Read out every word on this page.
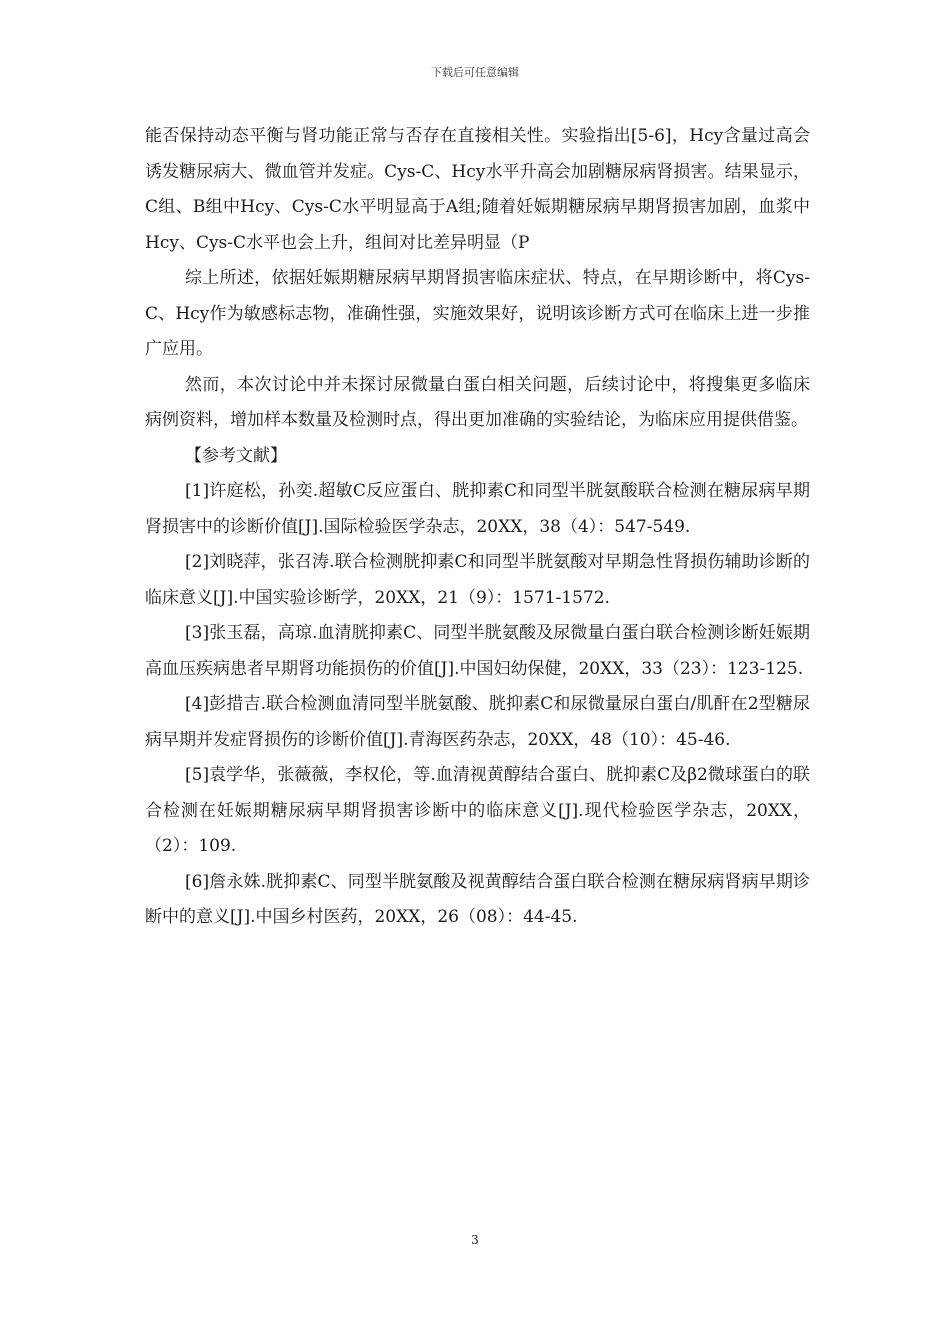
下载后可任意编辑

能否保持动态平衡与肾功能正常与否存在直接相关性。实验指出[5-6]，Hcy含量过高会诱发糖尿病大、微血管并发症。Cys-C、Hcy水平升高会加剧糖尿病肾损害。结果显示，C组、B组中Hcy、Cys-C水平明显高于A组;随着妊娠期糖尿病早期肾损害加剧，血浆中Hcy、Cys-C水平也会上升，组间对比差异明显（P

综上所述，依据妊娠期糖尿病早期肾损害临床症状、特点，在早期诊断中，将Cys-C、Hcy作为敏感标志物，准确性强，实施效果好，说明该诊断方式可在临床上进一步推广应用。

然而，本次讨论中并未探讨尿微量白蛋白相关问题，后续讨论中，将搜集更多临床病例资料，增加样本数量及检测时点，得出更加准确的实验结论，为临床应用提供借鉴。

【参考文献】

[1]许庭松，孙奕.超敏C反应蛋白、胱抑素C和同型半胱氨酸联合检测在糖尿病早期肾损害中的诊断价值[J].国际检验医学杂志，20XX，38（4）：547-549.

[2]刘晓萍，张召涛.联合检测胱抑素C和同型半胱氨酸对早期急性肾损伤辅助诊断的临床意义[J].中国实验诊断学，20XX，21（9）：1571-1572.

[3]张玉磊，高琼.血清胱抑素C、同型半胱氨酸及尿微量白蛋白联合检测诊断妊娠期高血压疾病患者早期肾功能损伤的价值[J].中国妇幼保健，20XX，33（23）：123-125.

[4]彭措吉.联合检测血清同型半胱氨酸、胱抑素C和尿微量尿白蛋白/肌酐在2型糖尿病早期并发症肾损伤的诊断价值[J].青海医药杂志，20XX，48（10）：45-46.

[5]袁学华，张薇薇，李权伦，等.血清视黄醇结合蛋白、胱抑素C及β2微球蛋白的联合检测在妊娠期糖尿病早期肾损害诊断中的临床意义[J].现代检验医学杂志，20XX，（2）：109.

[6]詹永姝.胱抑素C、同型半胱氨酸及视黄醇结合蛋白联合检测在糖尿病肾病早期诊断中的意义[J].中国乡村医药，20XX，26（08）：44-45.

3
